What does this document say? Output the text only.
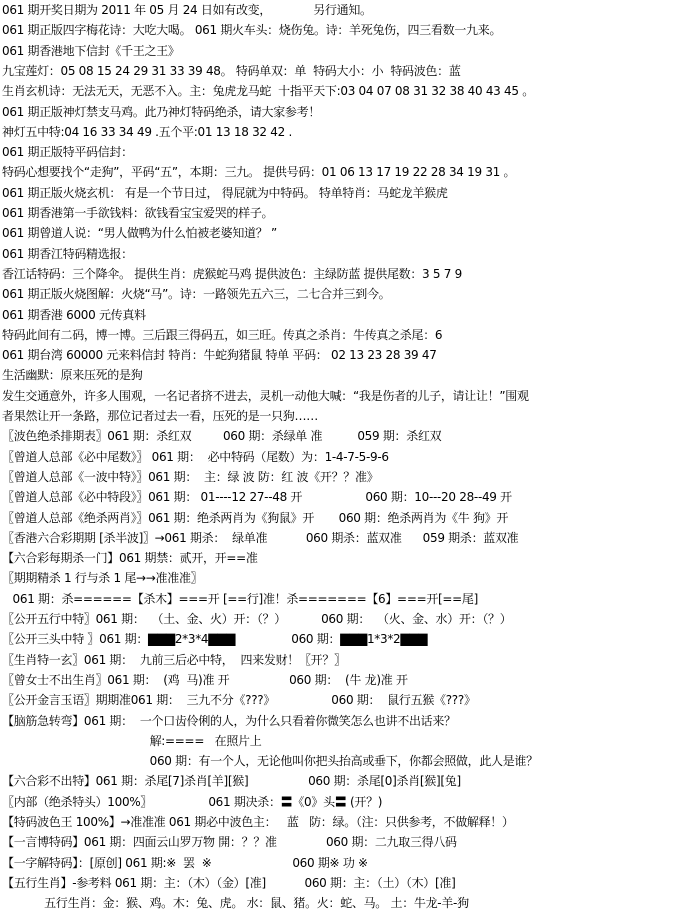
061 期开奖日期为 2011 年 05 月 24 日如有改变，            另行通知。
061 期正版四字梅花诗：大吃大喝。 061 期火车头：烧伤兔。诗：羊死兔伤，四三看数一九来。
061 期香港地下信封《千王之王》
九宝莲灯：05 08 15 24 29 31 33 39 48。 特码单双：单  特码大小：小  特码波色：蓝
生肖玄机诗：无法无天，无恶不入。主：兔虎龙马蛇  十指平天下:03 04 07 08 31 32 38 40 43 45 。
061 期正版神灯禁支马鸡。此乃神灯特码绝杀，请大家参考！
神灯五中特:04 16 33 34 49 .五个平:01 13 18 32 42 .
061 期正版特平码信封：
特码心想要找个“走狗”，平码“五”，本期：三九。 提供号码：01 06 13 17 19 22 28 34 19 31 。
061 期正版火烧玄机： 有是一个节日过， 得屁就为中特码。 特单特肖：马蛇龙羊猴虎
061 期香港第一手欲钱料：欲钱看宝宝爱哭的样子。
061 期曾道人说：“男人做鸭为什么怕被老婆知道？ ”
061 期香江特码精选报：
香江话特码：三个降伞。 提供生肖：虎猴蛇马鸡 提供波色：主绿防蓝 提供尾数：3 5 7 9
061 期正版火烧图解：火烧“马”。诗：一路领先五六三，二七合并三到今。
061 期香港 6000 元传真料
特码此间有二码，博一博。三后跟三得码五，如三旺。传真之杀肖：牛传真之杀尾：6
061 期台湾 60000 元来料信封 特肖：牛蛇狗猪鼠 特单 平码： 02 13 23 28 39 47
生活幽默：原来压死的是狗
发生交通意外，许多人围观，一名记者挤不进去，灵机一动他大喊：“我是伤者的儿子，请让让！”围观
者果然让开一条路，那位记者过去一看，压死的是一只狗……
〖波色绝杀排期表〗061 期：杀红双         060 期：杀绿单 准          059 期：杀红双
〖曾道人总部《必中尾数》〗 061 期：  必中特码（尾数）为：1-4-7-5-9-6
〖曾道人总部《一波中特》〗061 期：  主：绿 波 防：红 波《开？？准》
〖曾道人总部《必中特段》〗061 期： 01----12 27--48 开                  060 期：10---20 28--49 开
〖曾道人总部《绝杀两肖》〗061 期：绝杀两肖为《狗鼠》开       060 期：绝杀两肖为《牛 狗》开
〖香港六合彩期期 [杀半波]〗→061 期杀：  绿单准           060 期杀：蓝双准      059 期杀：蓝双准
【六合彩每期杀一门】061 期禁：贰开，开==准
〖期期精杀 1 行与杀 1 尾→→准准准〗
061 期：杀======【杀木】===开 [==行]准！杀=======【6】===开[==尾]
〖公开五行中特〗061 期：  （土、金、火）开：（？）          060 期：  （火、金、水）开：（？）
〖公开三头中特 〗061 期：▇▇▇2*3*4▇▇▇                060 期：▇▇▇1*3*2▇▇▇
〖生肖特一玄〗061 期：  九前三后必中特，  四来发财！〖开？〗
〖曾女士不出生肖〗061 期：  (鸡  马)准 开                 060 期：  (牛 龙)准 开
〖公开金言玉语〗期期准061 期：  三九不分《???》                060 期：  鼠行五猴《???》
【脑筋急转弯】061 期：  一个口齿伶俐的人，为什么只看着你微笑怎么也讲不出话来？
解:====   在照片上
060 期：有一个人，无论他叫你把头抬高或垂下，你都会照做，此人是谁？
【六合彩不出特】061 期：杀尾[7]杀肖[羊][猴]                 060 期：杀尾[0]杀肖[猴][兔]
〖内部（绝杀特头）100%〗                061 期决杀：〓《0》头〓 (开？)
【特码波色王 100%】→准准准 061 期必中波色主：   蓝   防：绿。（注：只供参考，不做解释！）
【一言博特码】061 期：四面云山罗万物 開：？？准              060 期：二九取三得八码
【一字解特码】：[原创] 061 期:※  罢  ※                       060 期※ 功 ※
【五行生肖】-参考料 061 期：主：（木）（金）[准]           060 期：主：（土）（木）[准]
五行生肖：金：猴、鸡。木：兔、虎。 水：鼠、猪。火：蛇、马。 土：牛龙-羊-狗
